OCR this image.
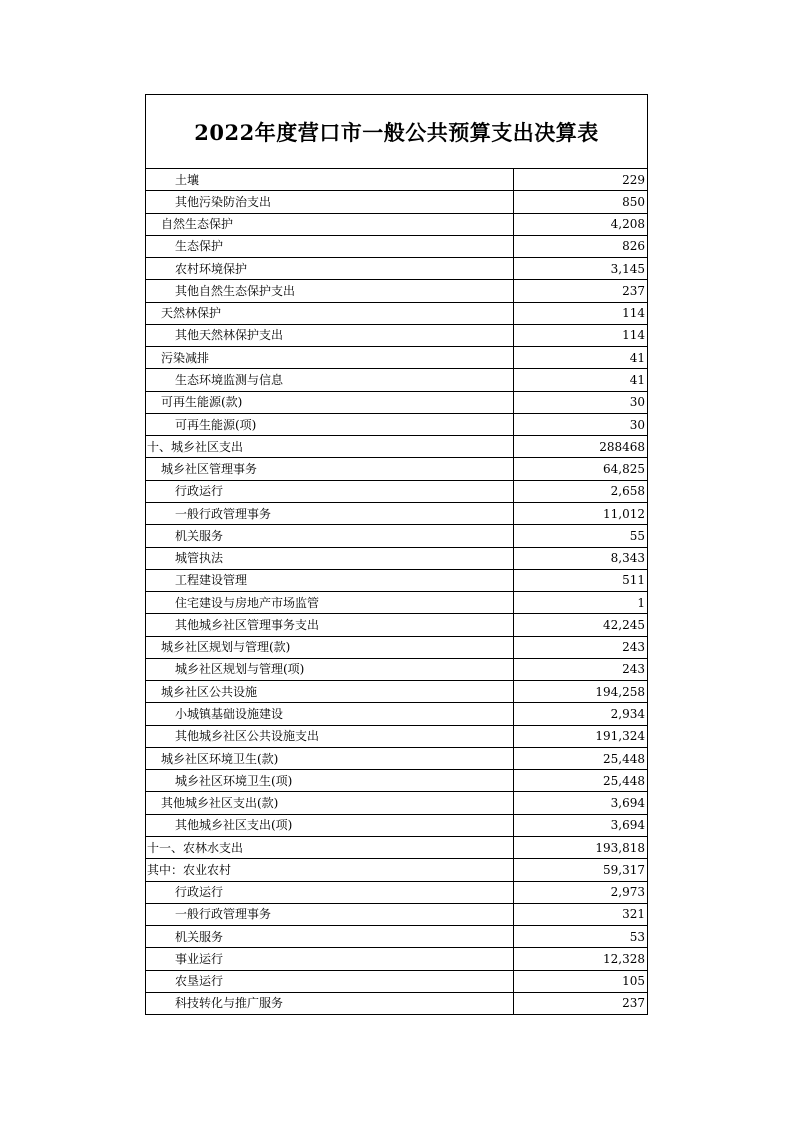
2022年度营口市一般公共预算支出决算表
土壤	229
其他污染防治支出	850
自然生态保护	4,208
生态保护	826
农村环境保护	3,145
其他自然生态保护支出	237
天然林保护	114
其他天然林保护支出	114
污染减排	41
生态环境监测与信息	41
可再生能源(款)	30
可再生能源(项)	30
十、城乡社区支出	288468
城乡社区管理事务	64,825
行政运行	2,658
一般行政管理事务	11,012
机关服务	55
城管执法	8,343
工程建设管理	511
住宅建设与房地产市场监管	1
其他城乡社区管理事务支出	42,245
城乡社区规划与管理(款)	243
城乡社区规划与管理(项)	243
城乡社区公共设施	194,258
小城镇基础设施建设	2,934
其他城乡社区公共设施支出	191,324
城乡社区环境卫生(款)	25,448
城乡社区环境卫生(项)	25,448
其他城乡社区支出(款)	3,694
其他城乡社区支出(项)	3,694
十一、农林水支出	193,818
其中：农业农村	59,317
行政运行	2,973
一般行政管理事务	321
机关服务	53
事业运行	12,328
农垦运行	105
科技转化与推广服务	237
